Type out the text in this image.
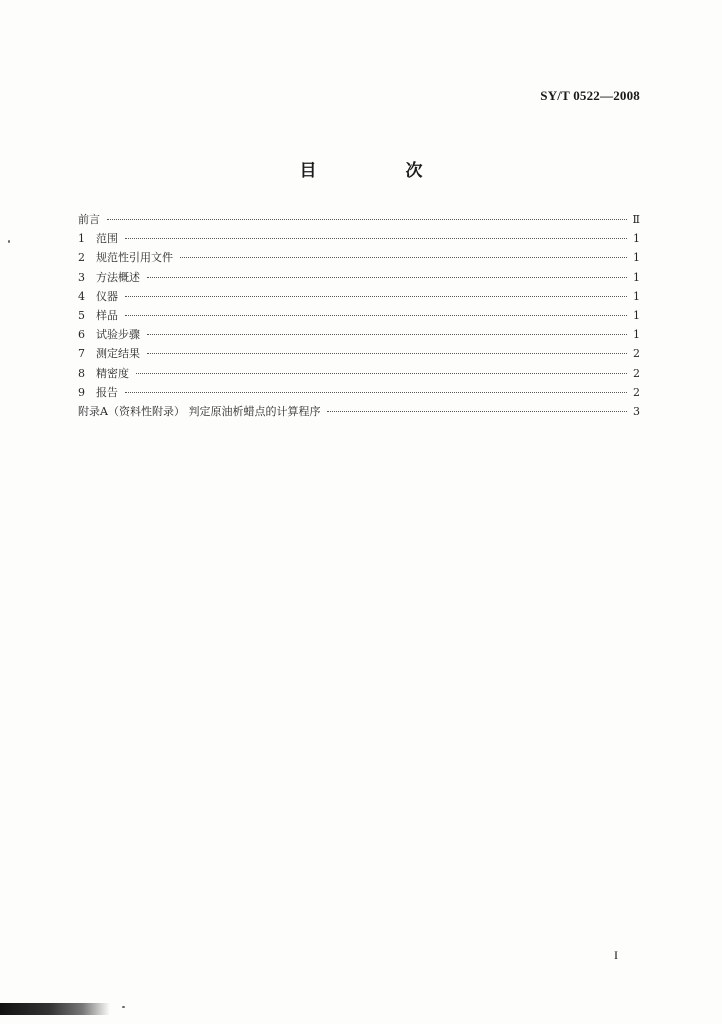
SY/T 0522—2008
目　次
前言	Ⅱ
1	范围	1
2	规范性引用文件	1
3	方法概述	1
4	仪器	1
5	样品	1
6	试验步骤	1
7	测定结果	2
8	精密度	2
9	报告	2
附录A（资料性附录） 判定原油析蜡点的计算程序	3
I
